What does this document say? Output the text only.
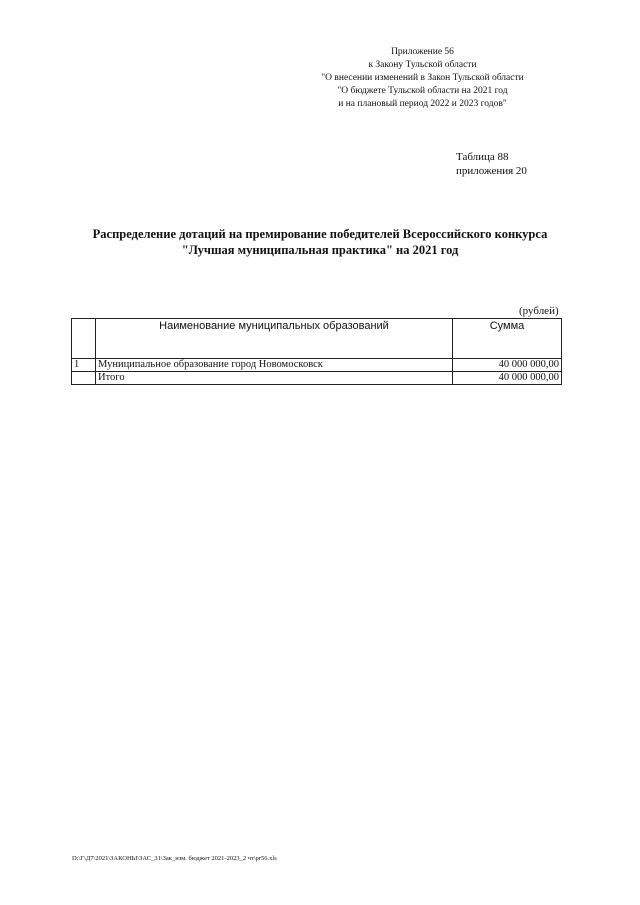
Приложение 56
к Закону Тульской области
"О внесении изменений в Закон Тульской области
"О бюджете Тульской области на 2021 год
и на плановый период 2022 и 2023 годов"
Таблица 88
приложения 20
Распределение дотаций на премирование победителей Всероссийского конкурса
"Лучшая муниципальная практика" на 2021 год
(рублей)
	Наименование муниципальных образований	Сумма
1	Муниципальное образование город Новомосковск	40 000 000,00
	Итого	40 000 000,00
D:\Г\Д7\2021\ЗАКОНЫ\ЗАС_31\Зак_изм. бюджет 2021-2023_2 чт\pr56.xls
